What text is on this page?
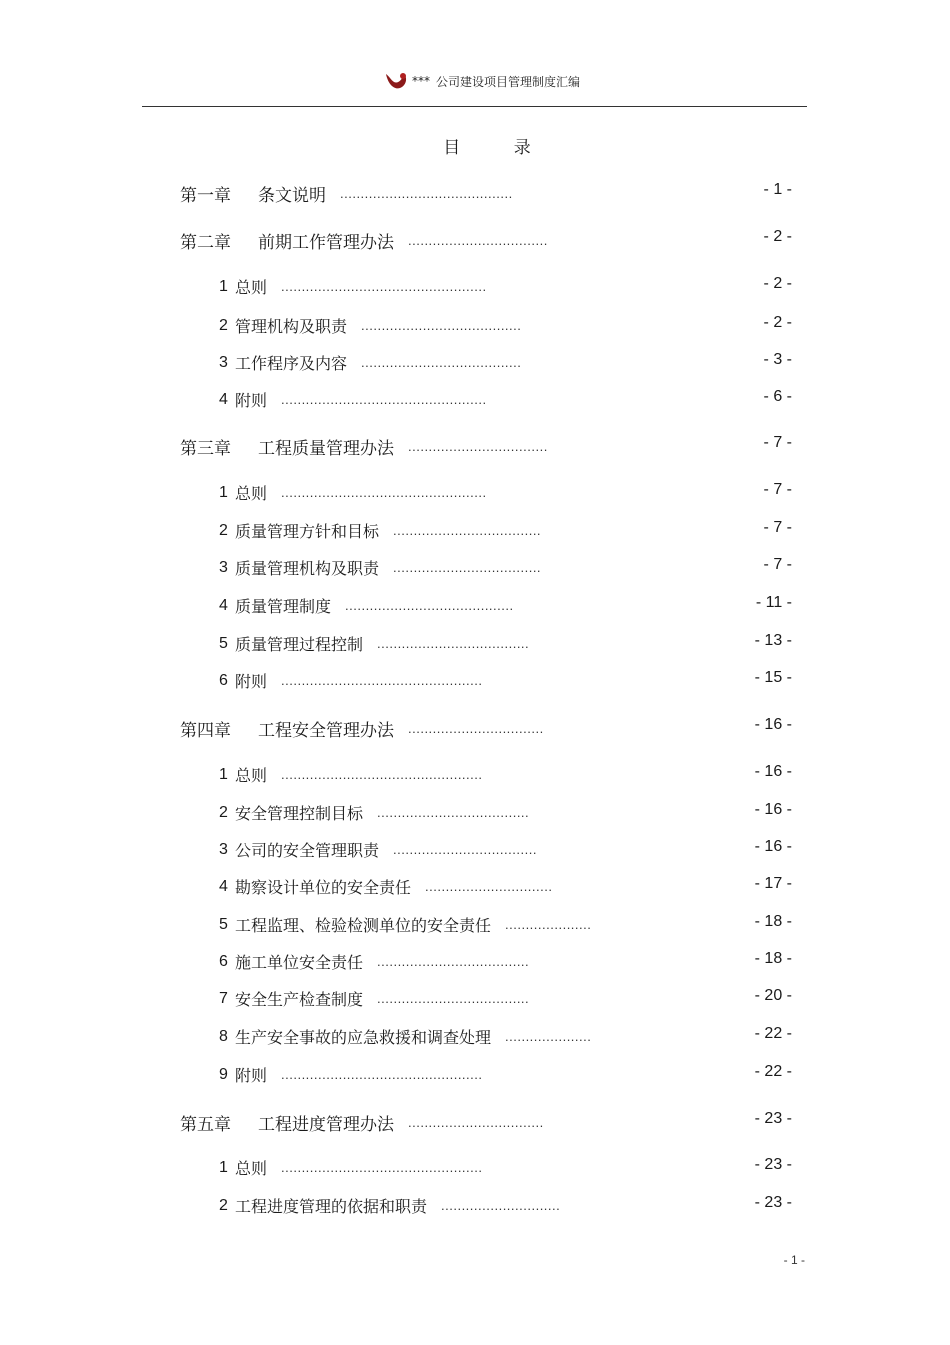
*** 公司建设项目管理制度汇编
目 录
第一章	条文说明 ..........................................	- 1 -
第二章	前期工作管理办法 ..................................	- 2 -
1 总则 ..................................................	- 2 -
2 管理机构及职责 .......................................	- 2 -
3 工作程序及内容 .......................................	- 3 -
4 附则 ..................................................	- 6 -
第三章	工程质量管理办法 ..................................	- 7 -
1 总则 ..................................................	- 7 -
2 质量管理方针和目标 ....................................	- 7 -
3 质量管理机构及职责 ....................................	- 7 -
4 质量管理制度 .........................................	- 11 -
5 质量管理过程控制 .....................................	- 13 -
6 附则 .................................................	- 15 -
第四章	工程安全管理办法 .................................	- 16 -
1 总则 .................................................	- 16 -
2 安全管理控制目标 .....................................	- 16 -
3 公司的安全管理职责 ...................................	- 16 -
4 勘察设计单位的安全责任 ...............................	- 17 -
5 工程监理、检验检测单位的安全责任 .....................	- 18 -
6 施工单位安全责任 .....................................	- 18 -
7 安全生产检查制度 .....................................	- 20 -
8 生产安全事故的应急救援和调查处理 .....................	- 22 -
9 附则 .................................................	- 22 -
第五章	工程进度管理办法 .................................	- 23 -
1 总则 .................................................	- 23 -
2 工程进度管理的依据和职责 .............................	- 23 -
- 1 -
